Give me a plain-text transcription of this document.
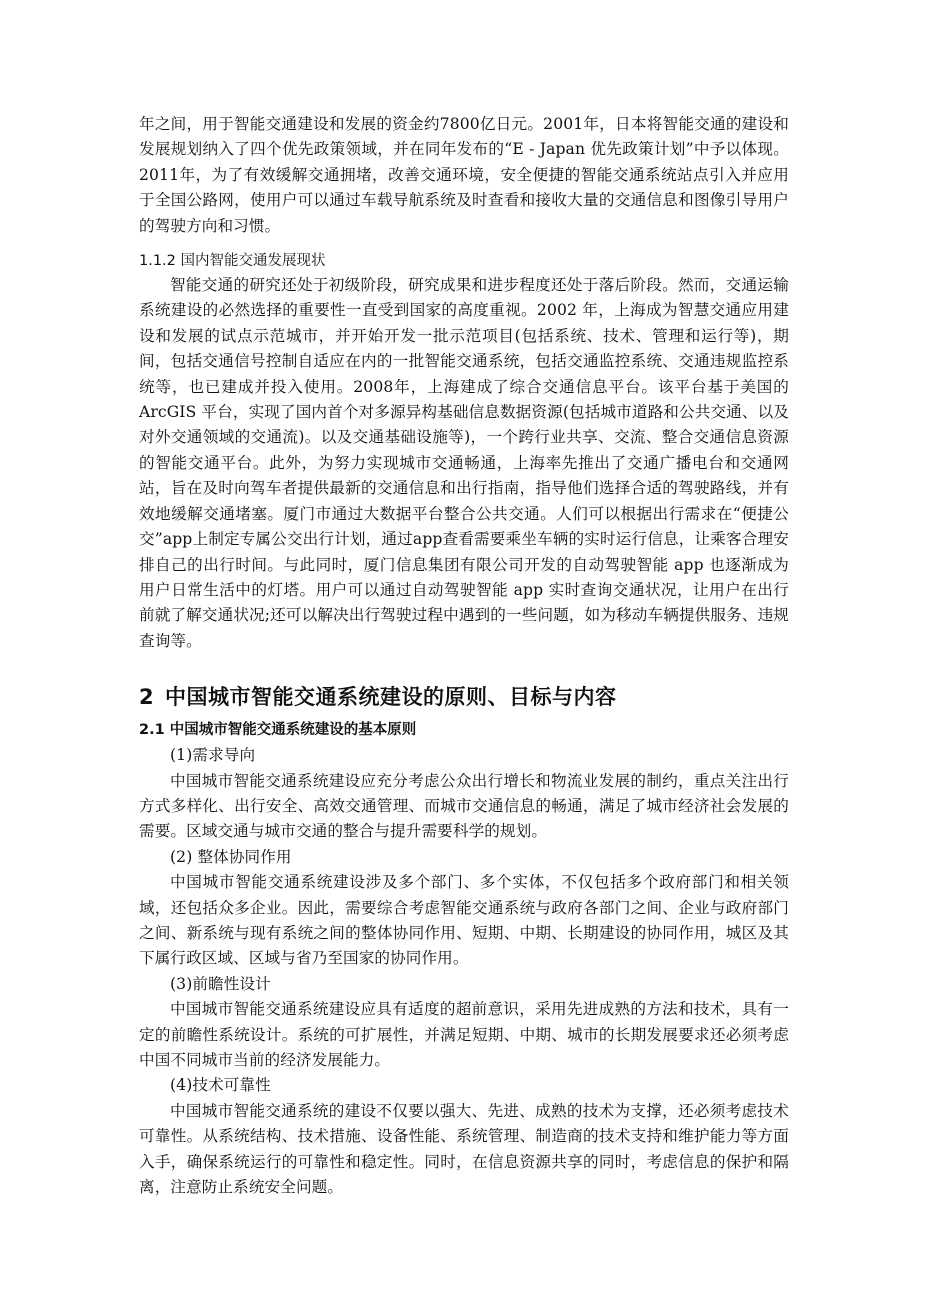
年之间，用于智能交通建设和发展的资金约7800亿日元。2001年，日本将智能交通的建设和发展规划纳入了四个优先政策领域，并在同年发布的“E - Japan 优先政策计划”中予以体现。2011年，为了有效缓解交通拥堵，改善交通环境，安全便捷的智能交通系统站点引入并应用于全国公路网，使用户可以通过车载导航系统及时查看和接收大量的交通信息和图像引导用户的驾驶方向和习惯。

1.1.2 国内智能交通发展现状

智能交通的研究还处于初级阶段，研究成果和进步程度还处于落后阶段。然而，交通运输系统建设的必然选择的重要性一直受到国家的高度重视。2002 年，上海成为智慧交通应用建设和发展的试点示范城市，并开始开发一批示范项目(包括系统、技术、管理和运行等)，期间，包括交通信号控制自适应在内的一批智能交通系统，包括交通监控系统、交通违规监控系统等，也已建成并投入使用。2008年，上海建成了综合交通信息平台。该平台基于美国的 ArcGIS 平台，实现了国内首个对多源异构基础信息数据资源(包括城市道路和公共交通、以及对外交通领域的交通流)。以及交通基础设施等)，一个跨行业共享、交流、整合交通信息资源的智能交通平台。此外，为努力实现城市交通畅通，上海率先推出了交通广播电台和交通网站，旨在及时向驾车者提供最新的交通信息和出行指南，指导他们选择合适的驾驶路线，并有效地缓解交通堵塞。厦门市通过大数据平台整合公共交通。人们可以根据出行需求在“便捷公交”app上制定专属公交出行计划，通过app查看需要乘坐车辆的实时运行信息，让乘客合理安排自己的出行时间。与此同时，厦门信息集团有限公司开发的自动驾驶智能 app 也逐渐成为用户日常生活中的灯塔。用户可以通过自动驾驶智能 app 实时查询交通状况，让用户在出行前就了解交通状况;还可以解决出行驾驶过程中遇到的一些问题，如为移动车辆提供服务、违规查询等。

2 中国城市智能交通系统建设的原则、目标与内容
2.1 中国城市智能交通系统建设的基本原则

(1)需求导向

中国城市智能交通系统建设应充分考虑公众出行增长和物流业发展的制约，重点关注出行方式多样化、出行安全、高效交通管理、而城市交通信息的畅通，满足了城市经济社会发展的需要。区域交通与城市交通的整合与提升需要科学的规划。

(2) 整体协同作用

中国城市智能交通系统建设涉及多个部门、多个实体，不仅包括多个政府部门和相关领域，还包括众多企业。因此，需要综合考虑智能交通系统与政府各部门之间、企业与政府部门之间、新系统与现有系统之间的整体协同作用、短期、中期、长期建设的协同作用，城区及其下属行政区域、区域与省乃至国家的协同作用。

(3)前瞻性设计

中国城市智能交通系统建设应具有适度的超前意识，采用先进成熟的方法和技术，具有一定的前瞻性系统设计。系统的可扩展性，并满足短期、中期、城市的长期发展要求还必须考虑中国不同城市当前的经济发展能力。

(4)技术可靠性

中国城市智能交通系统的建设不仅要以强大、先进、成熟的技术为支撑，还必须考虑技术可靠性。从系统结构、技术措施、设备性能、系统管理、制造商的技术支持和维护能力等方面入手，确保系统运行的可靠性和稳定性。同时，在信息资源共享的同时，考虑信息的保护和隔离，注意防止系统安全问题。
